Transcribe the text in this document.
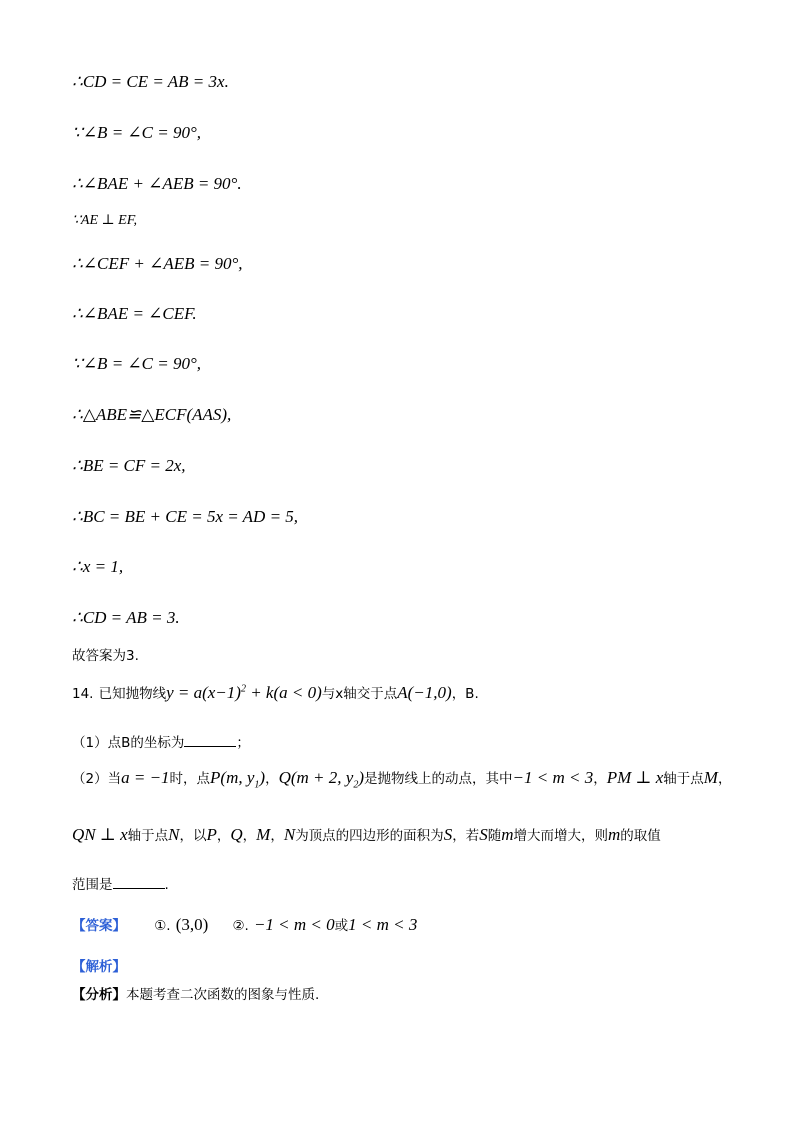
∴CD = CE = AB = 3x.
∵∠B = ∠C = 90°,
∴∠BAE + ∠AEB = 90°.
∵AE ⊥ EF,
∴∠CEF + ∠AEB = 90°,
∴∠BAE = ∠CEF.
∵∠B = ∠C = 90°,
∴△ABE≌△ECF(AAS),
∴BE = CF = 2x,
∴BC = BE + CE = 5x = AD = 5,
∴x = 1,
∴CD = AB = 3.
故答案为3.
14. 已知抛物线$y = a(x-1)^2 + k(a < 0)$与x轴交于点A(−1,0)，B.
（1）点B的坐标为	；
（2）当a = −1时，点P(m, $y_1$)，Q(m + 2, $y_2$)是抛物线上的动点，其中−1 < m < 3，PM ⊥ x轴于点M，
QN ⊥ x轴于点N，以P，Q，M，N为顶点的四边形的面积为S，若S随m增大而增大，则m的取值
范围是	.
【答案】 ①. (3,0) ②. −1 < m < 0或1 < m < 3
【解析】
【分析】本题考查二次函数的图象与性质.
